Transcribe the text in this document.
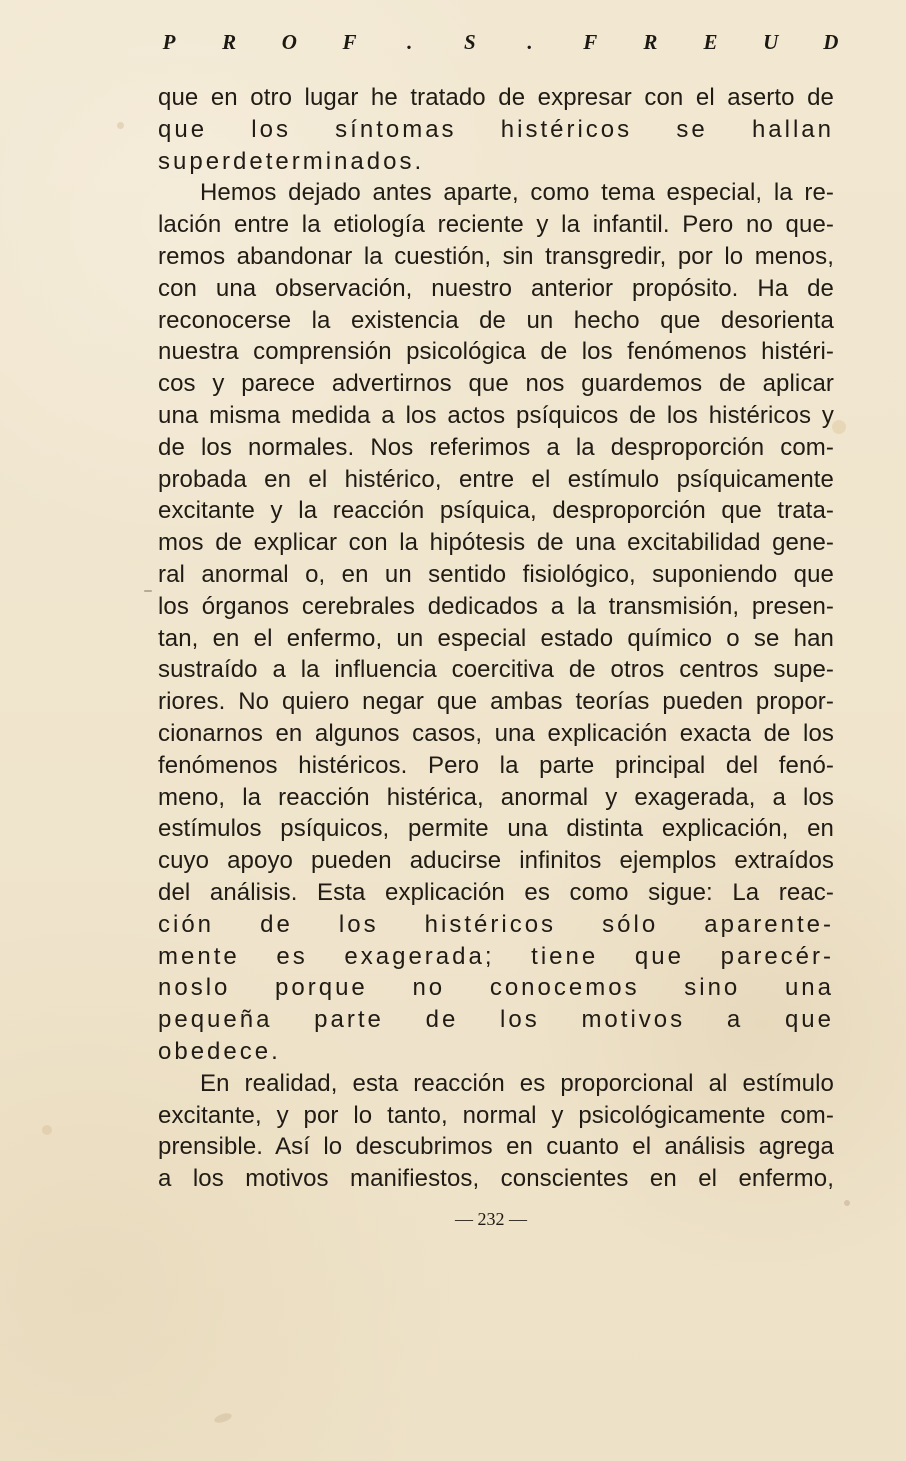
P R O F	.	S	.	F R E U D
que en otro lugar he tratado de expresar con el aserto de
que los síntomas histéricos se hallan
superdeterminados.
Hemos dejado antes aparte, como tema especial, la re-
lación entre la etiología reciente y la infantil. Pero no que-
remos abandonar la cuestión, sin transgredir, por lo menos,
con una observación, nuestro anterior propósito. Ha de
reconocerse la existencia de un hecho que desorienta
nuestra comprensión psicológica de los fenómenos histéri-
cos y parece advertirnos que nos guardemos de aplicar
una misma medida a los actos psíquicos de los histéricos y
de los normales. Nos referimos a la desproporción com-
probada en el histérico, entre el estímulo psíquicamente
excitante y la reacción psíquica, desproporción que trata-
mos de explicar con la hipótesis de una excitabilidad gene-
ral anormal o, en un sentido fisiológico, suponiendo que
los órganos cerebrales dedicados a la transmisión, presen-
tan, en el enfermo, un especial estado químico o se han
sustraído a la influencia coercitiva de otros centros supe-
riores. No quiero negar que ambas teorías pueden propor-
cionarnos en algunos casos, una explicación exacta de los
fenómenos histéricos. Pero la parte principal del fenó-
meno, la reacción histérica, anormal y exagerada, a los
estímulos psíquicos, permite una distinta explicación, en
cuyo apoyo pueden aducirse infinitos ejemplos extraídos
del análisis. Esta explicación es como sigue: La reac-
ción de los histéricos sólo aparente-
mente es exagerada; tiene que parecér-
noslo porque no conocemos sino una
pequeña parte de los motivos a que
obedece.
En realidad, esta reacción es proporcional al estímulo
excitante, y por lo tanto, normal y psicológicamente com-
prensible. Así lo descubrimos en cuanto el análisis agrega
a los motivos manifiestos, conscientes en el enfermo,
— 232 —
